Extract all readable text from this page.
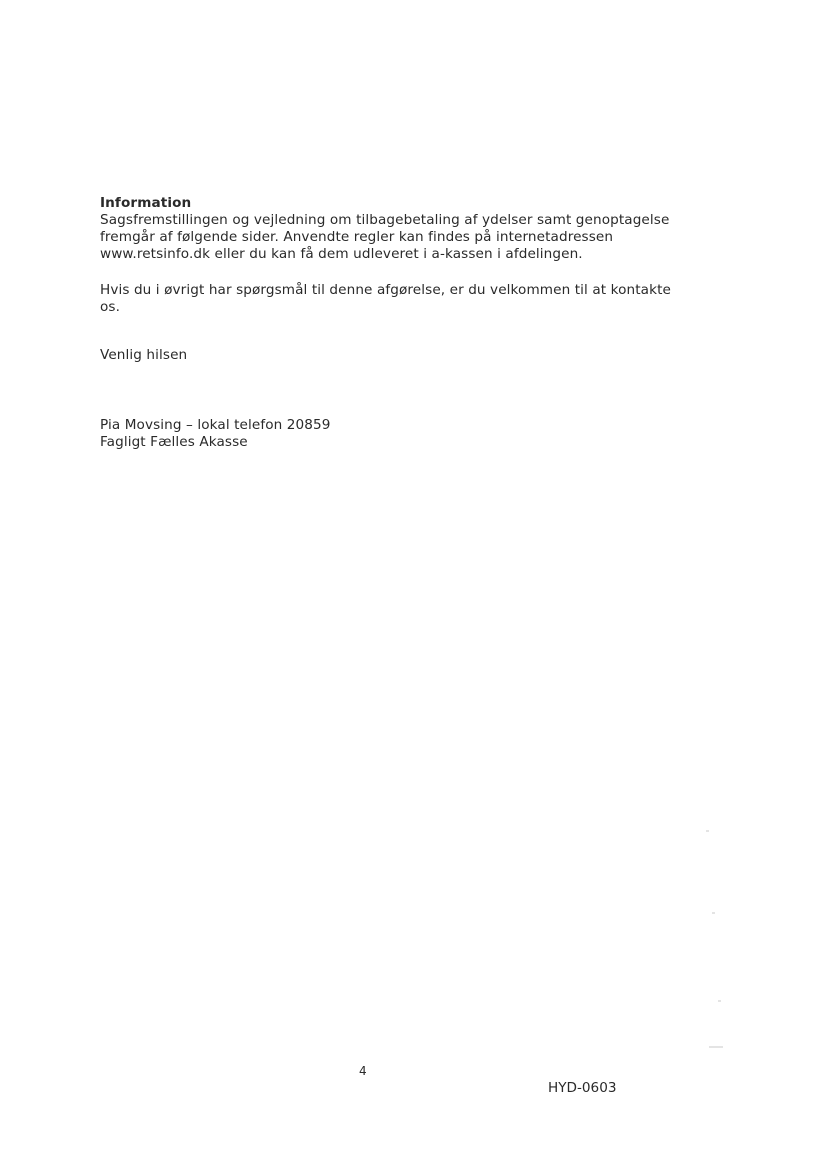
Information
Sagsfremstillingen og vejledning om tilbagebetaling af ydelser samt genoptagelse
fremgår af følgende sider. Anvendte regler kan findes på internetadressen
www.retsinfo.dk eller du kan få dem udleveret i a-kassen i afdelingen.
Hvis du i øvrigt har spørgsmål til denne afgørelse, er du velkommen til at kontakte
os.
Venlig hilsen
Pia Movsing – lokal telefon 20859
Fagligt Fælles Akasse
4
HYD-0603
